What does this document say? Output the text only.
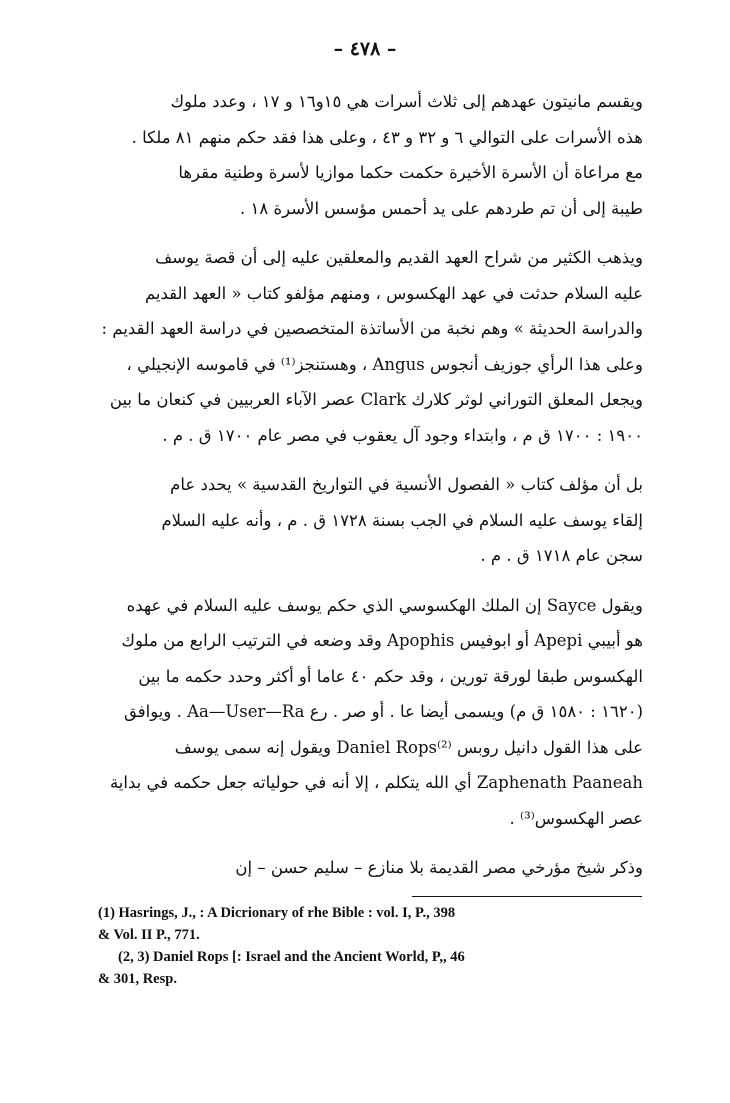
– ٤٧٨ –

ويقسم مانيتون عهدهم إلى ثلاث أسرات هي ١٥و١٦ و ١٧ ، وعدد ملوك
هذه الأسرات على التوالي ٦ و ٣٢ و ٤٣ ، وعلى هذا فقد حكم منهم ٨١ ملكا .
مع مراعاة أن الأسرة الأخيرة حكمت حكما موازيا لأسرة وطنية مقرها
طيبة إلى أن تم طردهم على يد أحمس مؤسس الأسرة ١٨ .

ويذهب الكثير من شراح العهد القديم والمعلقين عليه إلى أن قصة يوسف
عليه السلام حدثت في عهد الهكسوس ، ومنهم مؤلفو كتاب « العهد القديم
والدراسة الحديثة » وهم نخبة من الأساتذة المتخصصين في دراسة العهد القديم :
وعلى هذا الرأي جوزيف أنجوس Angus ، وهستنجز⁽¹⁾ في قاموسه الإنجيلي ،
ويجعل المعلق التوراني لوثر كلارك Clark عصر الآباء العربيين في كنعان ما بين
١٩٠٠ : ١٧٠٠ ق م ، وابتداء وجود آل يعقوب في مصر عام ١٧٠٠ ق . م .

بل أن مؤلف كتاب « الفصول الأنسية في التواريخ القدسية » يحدد عام
إلقاء يوسف عليه السلام في الجب بسنة ١٧٢٨ ق . م ، وأنه عليه السلام
سجن عام ١٧١٨ ق . م .

ويقول Sayce إن الملك الهكسوسي الذي حكم يوسف عليه السلام في عهده
هو أبيبي Apepi أو ابوفيس Apophis وقد وضعه في الترتيب الرابع من ملوك
الهكسوس طبقا لورقة تورين ، وقد حكم ٤٠ عاما أو أكثر وحدد حكمه ما بين
(١٦٢٠ : ١٥٨٠ ق م) ويسمى أيضا عا . أو صر . رع Aa—User—Ra . ويوافق
على هذا القول دانيل روبس Daniel Rops⁽²⁾ ويقول إنه سمى يوسف
Zaphenath Paaneah أي الله يتكلم ، إلا أنه في حولياته جعل حكمه في بداية
عصر الهكسوس⁽³⁾ .

وذكر شيخ مؤرخي مصر القديمة بلا منازع – سليم حسن – إن

(1) Hasrings, J., : A Dicrionary of rhe Bible : vol. I, P., 398
& Vol. II P., 771.
(2, 3) Daniel Rops [: Israel and the Ancient World, P,, 46
& 301, Resp.
